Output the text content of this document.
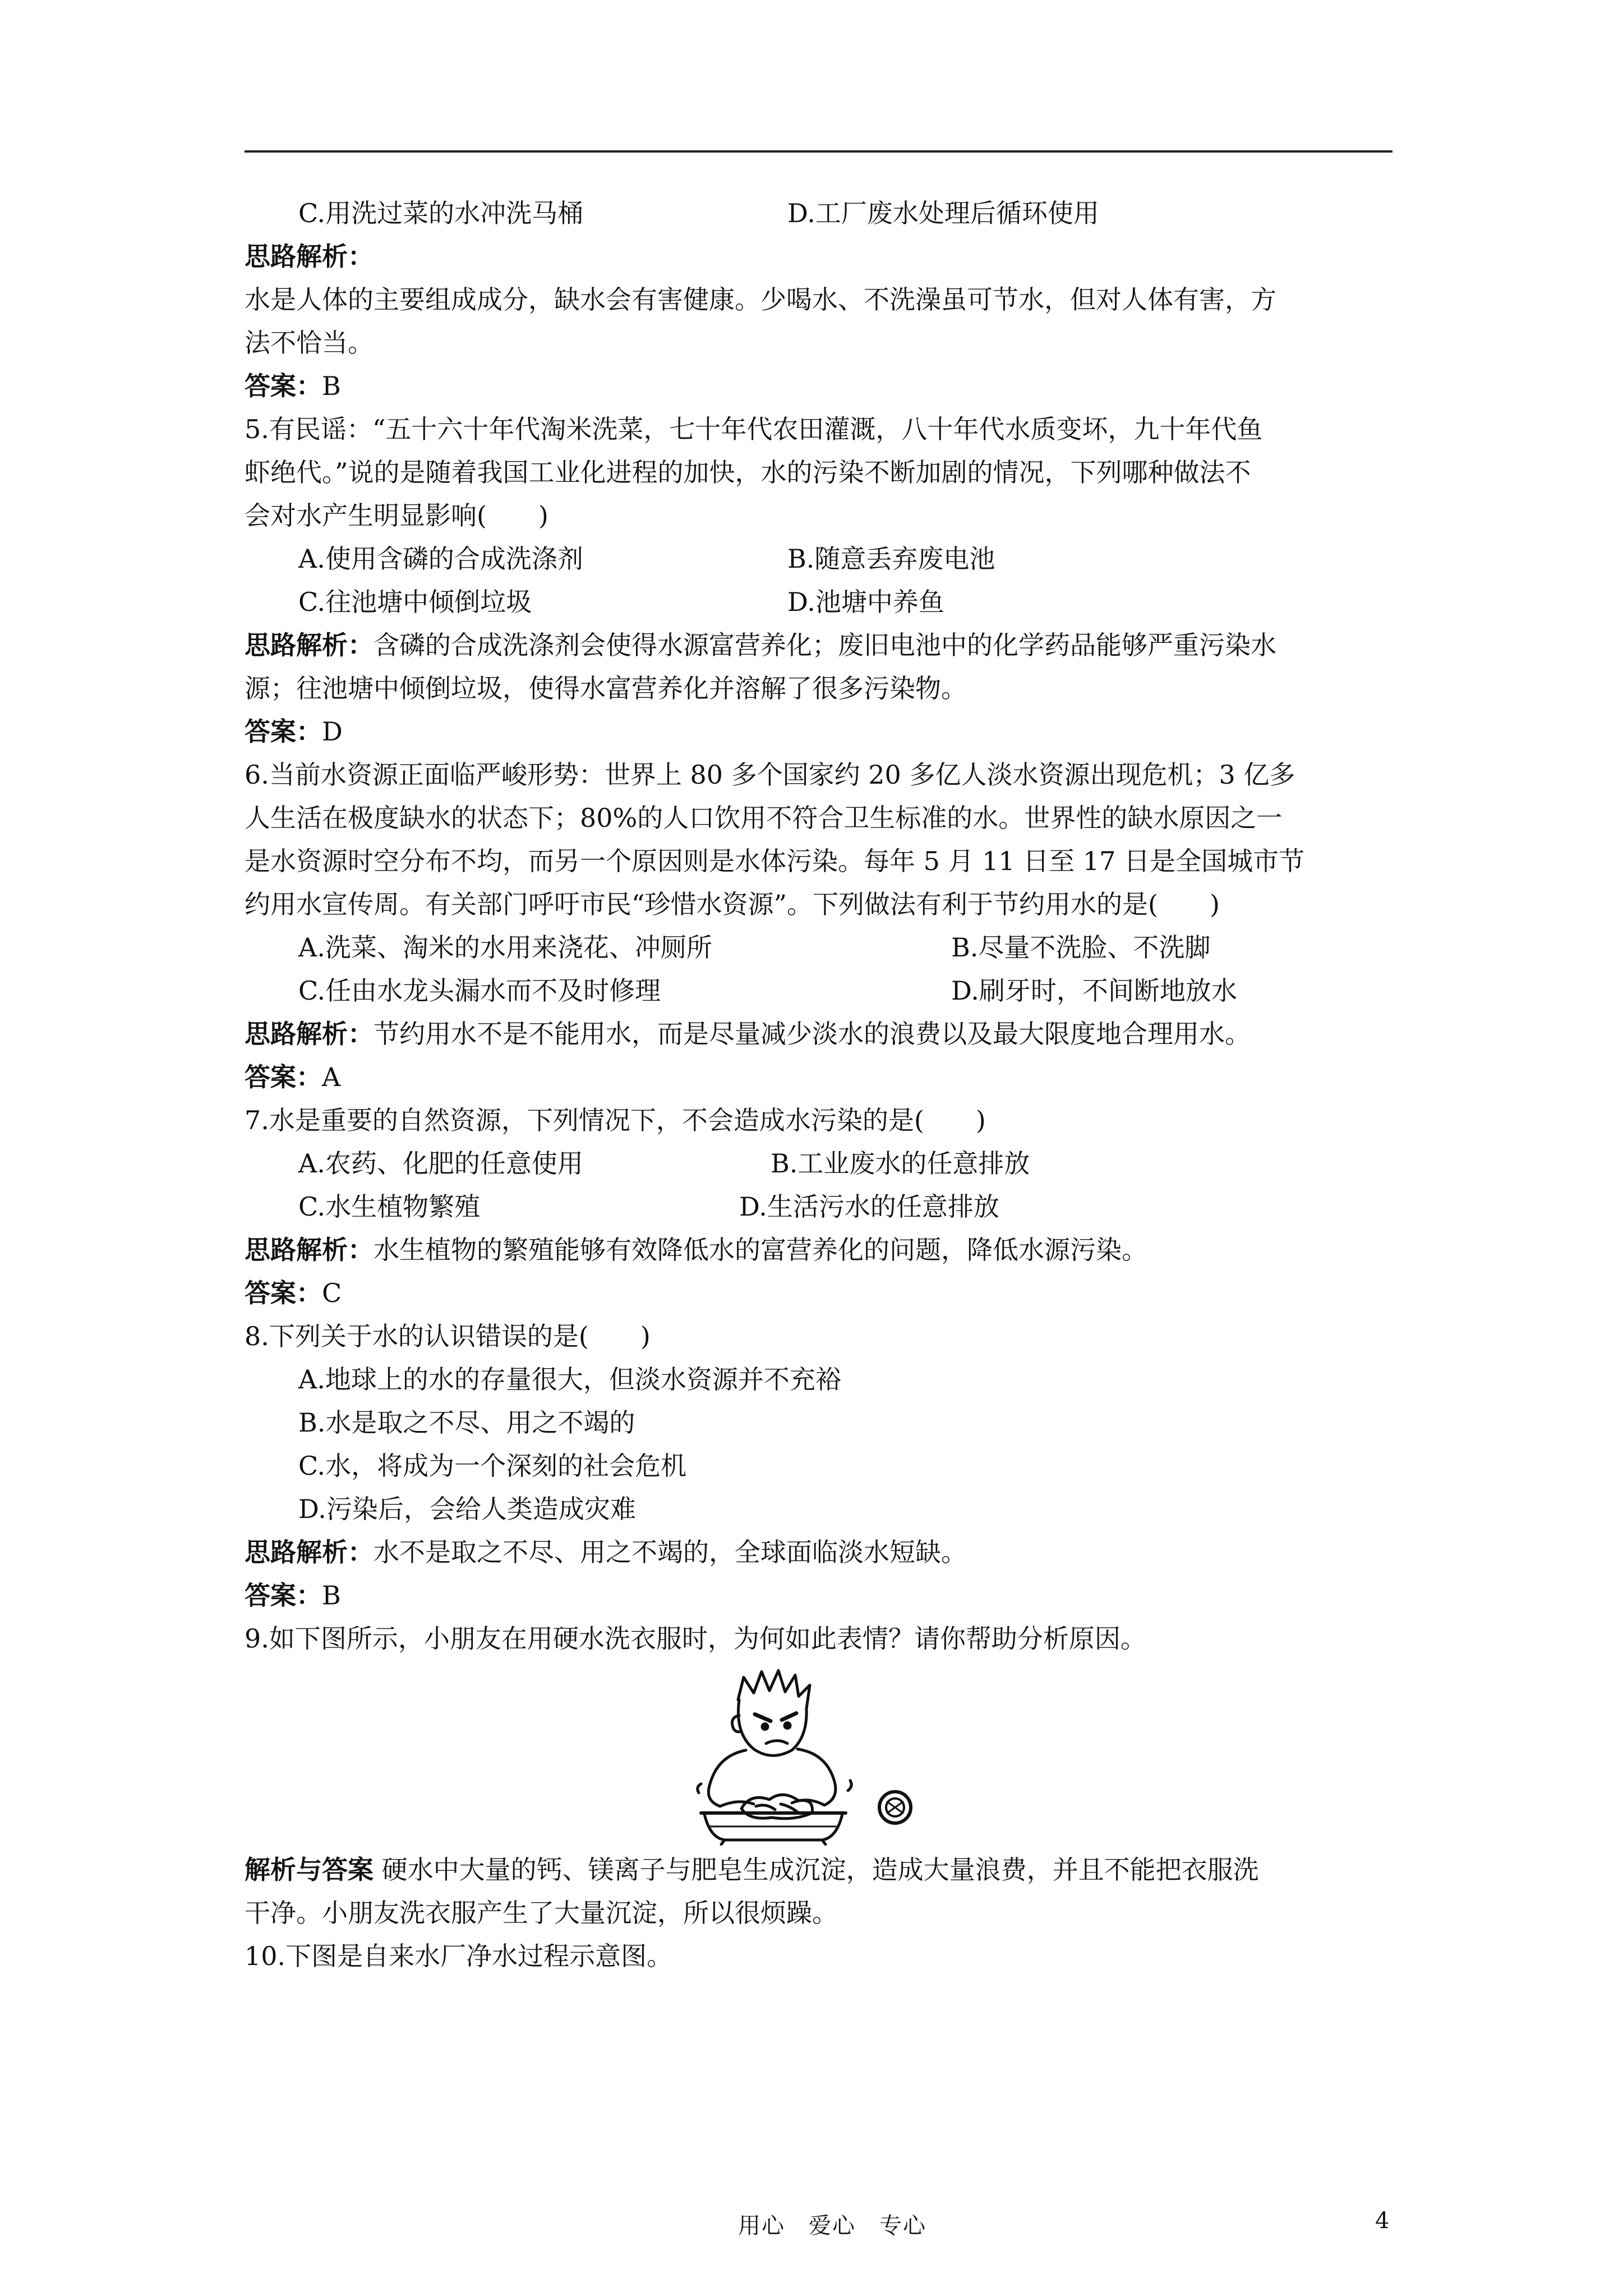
C.用洗过菜的水冲洗马桶	D.工厂废水处理后循环使用
思路解析：
水是人体的主要组成成分，缺水会有害健康。少喝水、不洗澡虽可节水，但对人体有害，方
法不恰当。
答案：B
5.有民谣：“五十六十年代淘米洗菜，七十年代农田灌溉，八十年代水质变坏，九十年代鱼
虾绝代。”说的是随着我国工业化进程的加快，水的污染不断加剧的情况，下列哪种做法不
会对水产生明显影响(　　)
A.使用含磷的合成洗涤剂	B.随意丢弃废电池
C.往池塘中倾倒垃圾	D.池塘中养鱼
思路解析：含磷的合成洗涤剂会使得水源富营养化；废旧电池中的化学药品能够严重污染水
源；往池塘中倾倒垃圾，使得水富营养化并溶解了很多污染物。
答案：D
6.当前水资源正面临严峻形势：世界上 80 多个国家约 20 多亿人淡水资源出现危机；3 亿多
人生活在极度缺水的状态下；80%的人口饮用不符合卫生标准的水。世界性的缺水原因之一
是水资源时空分布不均，而另一个原因则是水体污染。每年 5 月 11 日至 17 日是全国城市节
约用水宣传周。有关部门呼吁市民“珍惜水资源”。下列做法有利于节约用水的是(　　)
A.洗菜、淘米的水用来浇花、冲厕所	B.尽量不洗脸、不洗脚
C.任由水龙头漏水而不及时修理	D.刷牙时，不间断地放水
思路解析：节约用水不是不能用水，而是尽量减少淡水的浪费以及最大限度地合理用水。
答案：A
7.水是重要的自然资源，下列情况下，不会造成水污染的是(　　)
A.农药、化肥的任意使用	B.工业废水的任意排放
C.水生植物繁殖	D.生活污水的任意排放
思路解析：水生植物的繁殖能够有效降低水的富营养化的问题，降低水源污染。
答案：C
8.下列关于水的认识错误的是(　　)
A.地球上的水的存量很大，但淡水资源并不充裕
B.水是取之不尽、用之不竭的
C.水，将成为一个深刻的社会危机
D.污染后，会给人类造成灾难
思路解析：水不是取之不尽、用之不竭的，全球面临淡水短缺。
答案：B
9.如下图所示，小朋友在用硬水洗衣服时，为何如此表情？请你帮助分析原因。
解析与答案 硬水中大量的钙、镁离子与肥皂生成沉淀，造成大量浪费，并且不能把衣服洗
干净。小朋友洗衣服产生了大量沉淀，所以很烦躁。
10.下图是自来水厂净水过程示意图。
用心　爱心　专心	4
